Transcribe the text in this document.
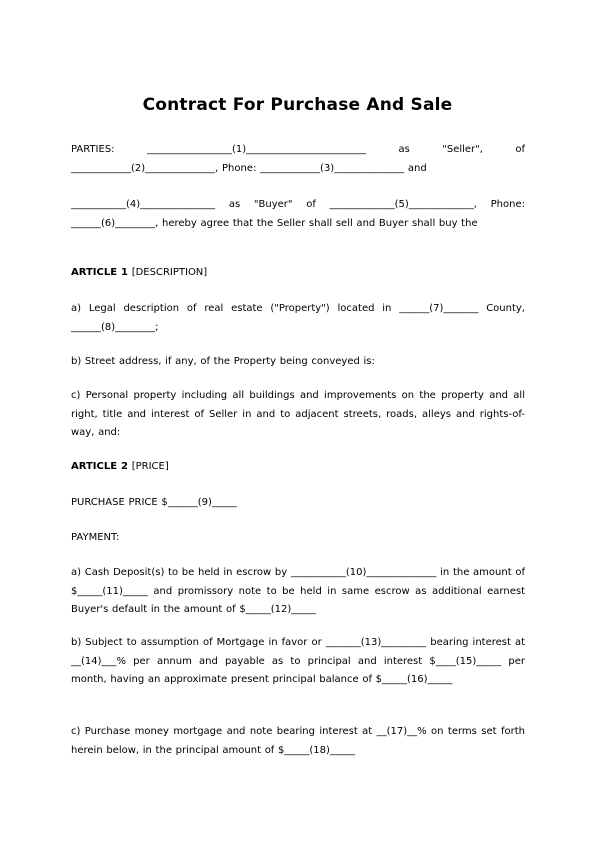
Contract For Purchase And Sale
PARTIES: _________________(1)________________________ as "Seller", of ____________(2)______________, Phone: ____________(3)______________ and
___________(4)_______________ as "Buyer" of _____________(5)_____________, Phone: ______(6)________, hereby agree that the Seller shall sell and Buyer shall buy the
ARTICLE 1 [DESCRIPTION]
a) Legal description of real estate ("Property") located in ______(7)_______ County, ______(8)________;
b) Street address, if any, of the Property being conveyed is:
c) Personal property including all buildings and improvements on the property and all right, title and interest of Seller in and to adjacent streets, roads, alleys and rights-of-way, and:
ARTICLE 2 [PRICE]
PURCHASE PRICE $______(9)_____
PAYMENT:
a) Cash Deposit(s) to be held in escrow by ___________(10)______________ in the amount of $_____(11)_____ and promissory note to be held in same escrow as additional earnest Buyer's default in the amount of $_____(12)_____
b) Subject to assumption of Mortgage in favor or _______(13)_________ bearing interest at __(14)___% per annum and payable as to principal and interest $____(15)_____ per month, having an approximate present principal balance of $_____(16)_____
c) Purchase money mortgage and note bearing interest at __(17)__% on terms set forth herein below, in the principal amount of $_____(18)_____
